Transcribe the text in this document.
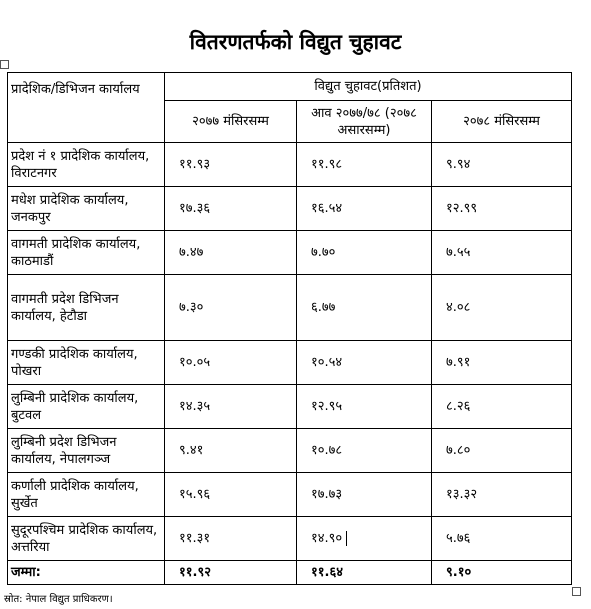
वितरणतर्फको विद्युत चुहावट
प्रादेशिक/डिभिजन कार्यालय	विद्युत चुहावट(प्रतिशत)		
	२०७७ मंसिरसम्म	आव २०७७/७८ (२०७८ असारसम्म)	२०७८ मंसिरसम्म
प्रदेश नं १ प्रादेशिक कार्यालय, विराटनगर	११.९३	११.९८	९.९४
मधेश प्रादेशिक कार्यालय, जनकपुर	१७.३६	१६.५४	१२.९९
वागमती प्रादेशिक कार्यालय, काठमाडौं	७.४७	७.७०	७.५५
वागमती प्रदेश डिभिजन कार्यालय, हेटौडा	७.३०	६.७७	४.०८
गण्डकी प्रादेशिक कार्यालय, पोखरा	१०.०५	१०.५४	७.९१
लुम्बिनी प्रादेशिक कार्यालय, बुटवल	१४.३५	१२.९५	८.२६
लुम्बिनी प्रदेश डिभिजन कार्यालय, नेपालगञ्ज	९.४१	१०.७८	७.८०
कर्णाली प्रादेशिक कार्यालय, सुर्खेत	१५.९६	१७.७३	१३.३२
सुदूरपश्चिम प्रादेशिक कार्यालय, अत्तरिया	११.३१	१४.९०	५.७६
जम्मा:	११.९२	११.६४	९.१०
स्रोत: नेपाल विद्युत प्राधिकरण।
